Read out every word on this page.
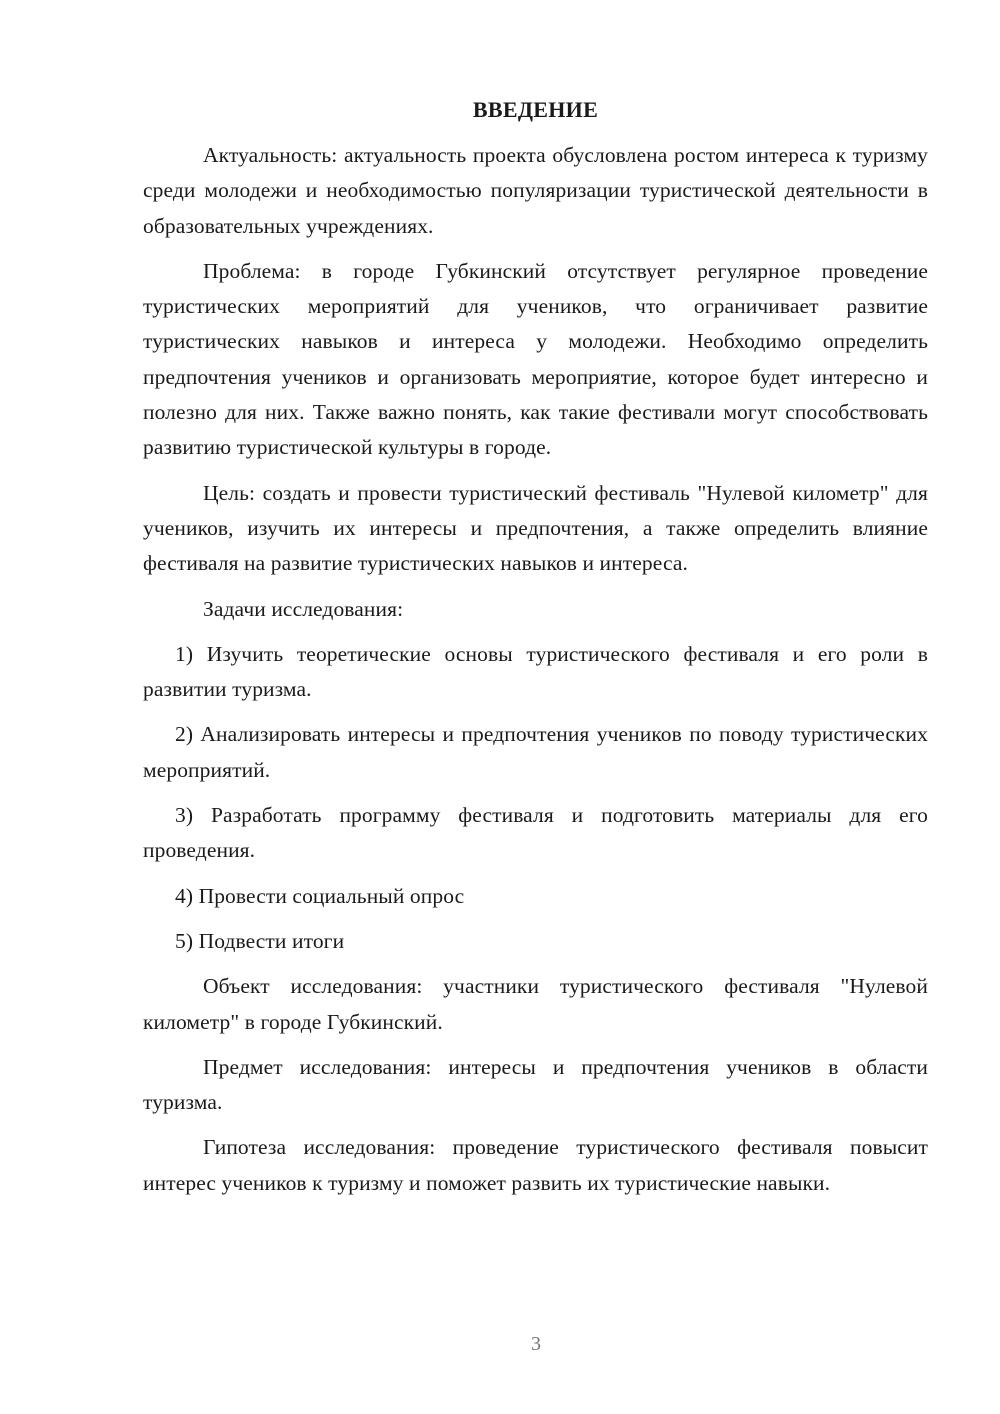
ВВЕДЕНИЕ

Актуальность: актуальность проекта обусловлена ростом интереса к туризму среди молодежи и необходимостью популяризации туристической деятельности в образовательных учреждениях.

Проблема: в городе Губкинский отсутствует регулярное проведение туристических мероприятий для учеников, что ограничивает развитие туристических навыков и интереса у молодежи. Необходимо определить предпочтения учеников и организовать мероприятие, которое будет интересно и полезно для них. Также важно понять, как такие фестивали могут способствовать развитию туристической культуры в городе.

Цель: создать и провести туристический фестиваль "Нулевой километр" для учеников, изучить их интересы и предпочтения, а также определить влияние фестиваля на развитие туристических навыков и интереса.

Задачи исследования:

1) Изучить теоретические основы туристического фестиваля и его роли в развитии туризма.

2) Анализировать интересы и предпочтения учеников по поводу туристических мероприятий.

3) Разработать программу фестиваля и подготовить материалы для его проведения.

4) Провести социальный опрос

5) Подвести итоги

Объект исследования: участники туристического фестиваля "Нулевой километр" в городе Губкинский.

Предмет исследования: интересы и предпочтения учеников в области туризма.

Гипотеза исследования: проведение туристического фестиваля повысит интерес учеников к туризму и поможет развить их туристические навыки.

3
